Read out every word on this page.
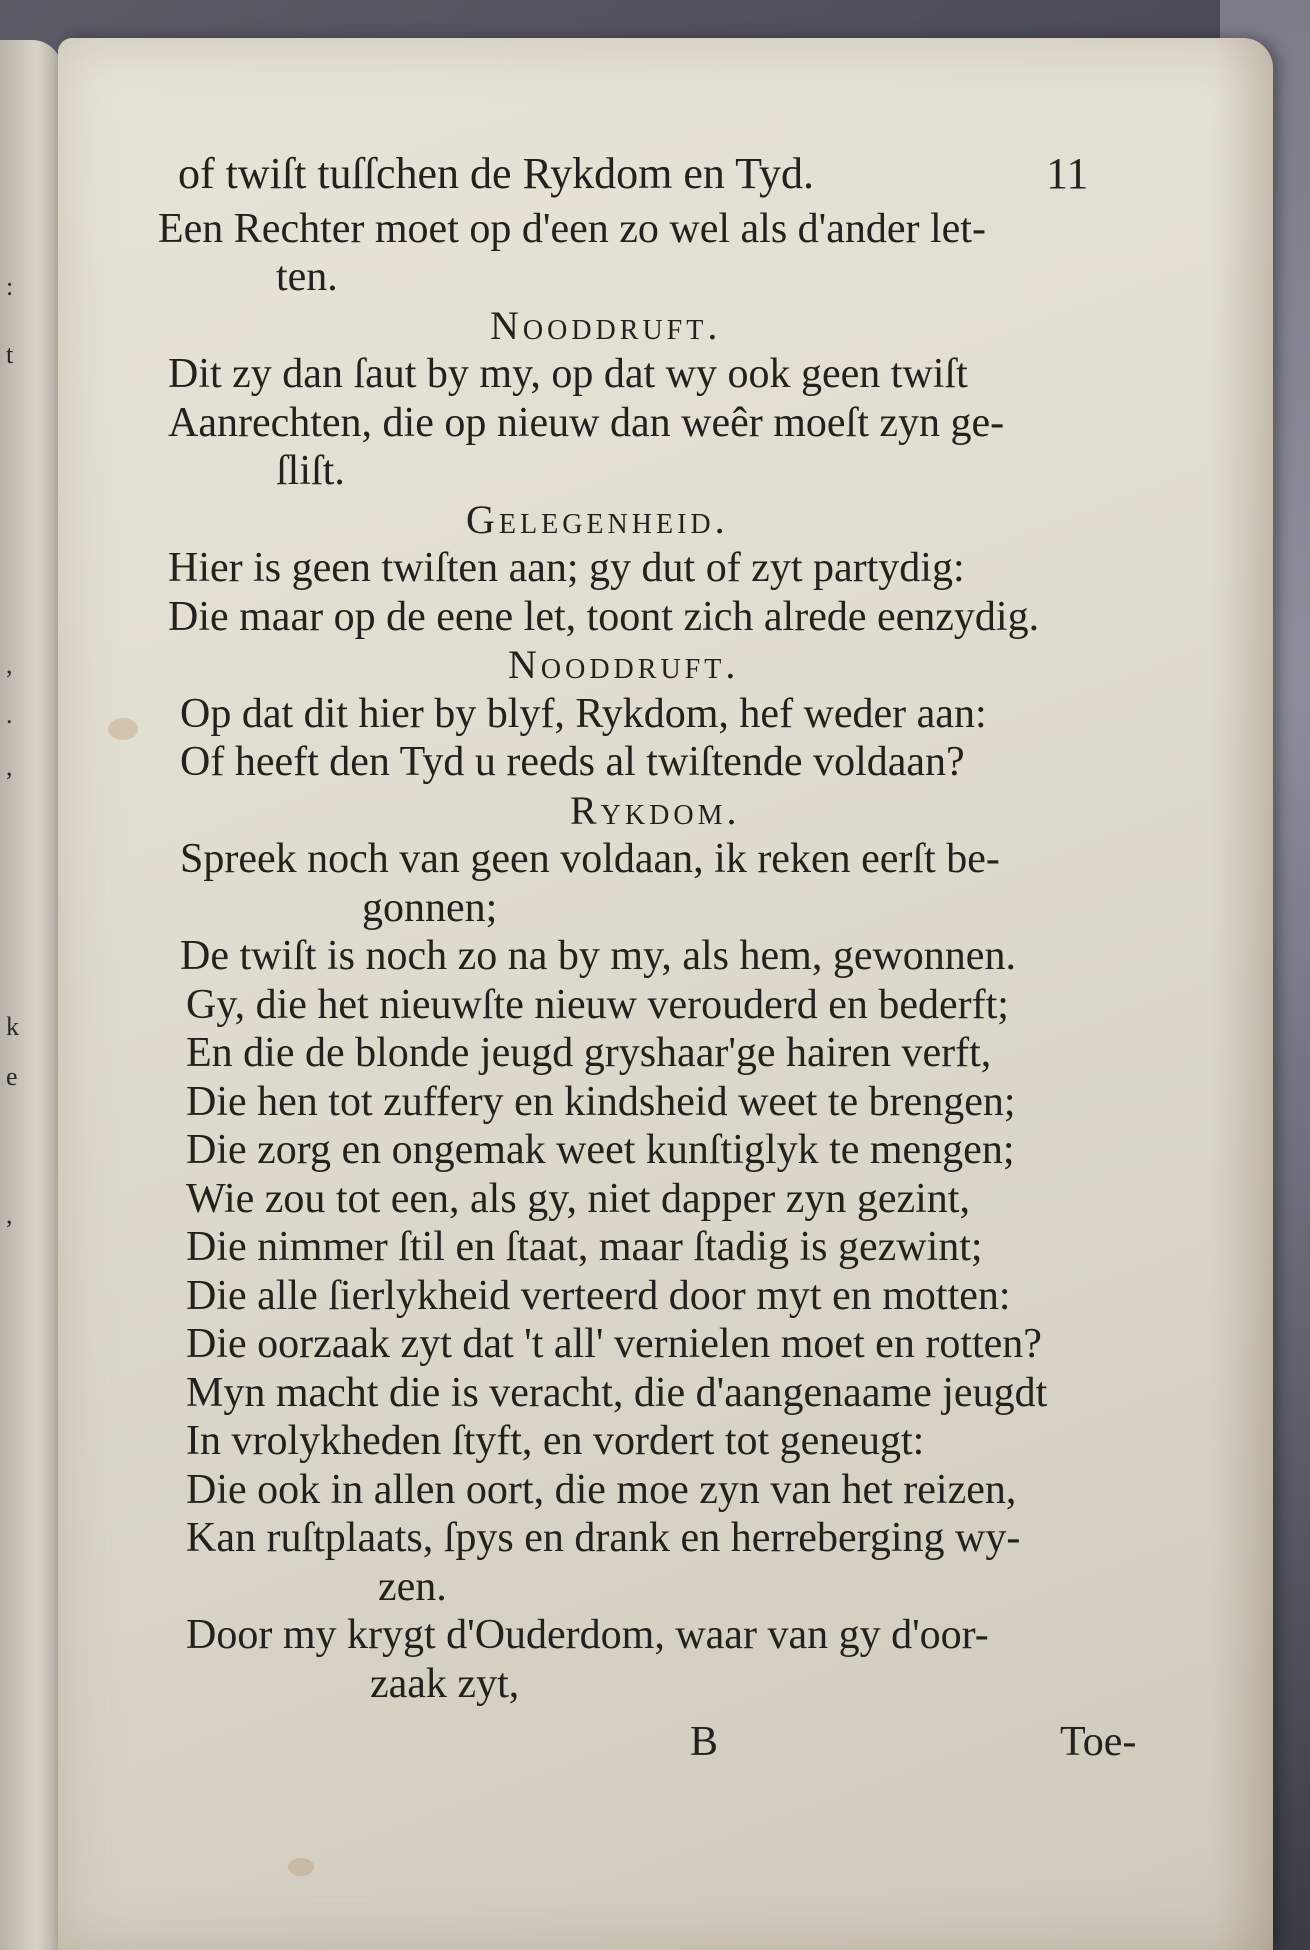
:
t
,
.
,
k
e
,
of twiſt tuſſchen de Rykdom en Tyd.	11
Een Rechter moet op d'een zo wel als d'ander let-
ten.
Nooddruft.
Dit zy dan ſaut by my, op dat wy ook geen twiſt
Aanrechten, die op nieuw dan weêr moeſt zyn ge-
ſliſt.
Gelegenheid.
Hier is geen twiſten aan; gy dut of zyt partydig:
Die maar op de eene let, toont zich alrede eenzydig.
Nooddruft.
Op dat dit hier by blyf, Rykdom, hef weder aan:
Of heeft den Tyd u reeds al twiſtende voldaan?
Rykdom.
Spreek noch van geen voldaan, ik reken eerſt be-
gonnen;
De twiſt is noch zo na by my, als hem, gewonnen.
Gy, die het nieuwſte nieuw verouderd en bederft;
En die de blonde jeugd gryshaar'ge hairen verft,
Die hen tot zuffery en kindsheid weet te brengen;
Die zorg en ongemak weet kunſtiglyk te mengen;
Wie zou tot een, als gy, niet dapper zyn gezint,
Die nimmer ſtil en ſtaat, maar ſtadig is gezwint;
Die alle ſierlykheid verteerd door myt en motten:
Die oorzaak zyt dat 't all' vernielen moet en rotten?
Myn macht die is veracht, die d'aangenaame jeugdt
In vrolykheden ſtyft, en vordert tot geneugt:
Die ook in allen oort, die moe zyn van het reizen,
Kan ruſtplaats, ſpys en drank en herreberging wy-
zen.
Door my krygt d'Ouderdom, waar van gy d'oor-
zaak zyt,
B	Toe-
